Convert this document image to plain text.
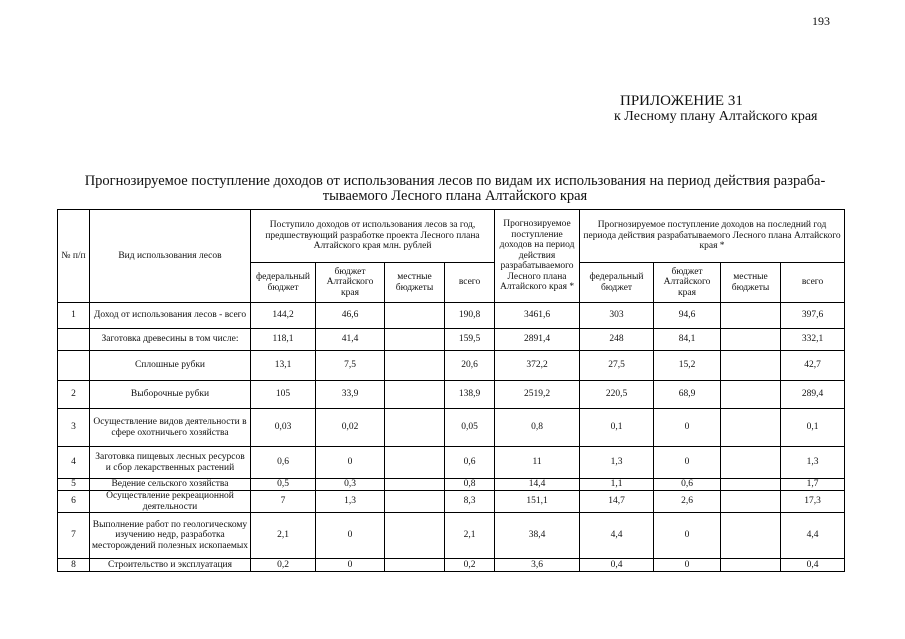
193
ПРИЛОЖЕНИЕ 31
к Лесному плану Алтайского края
Прогнозируемое поступление доходов от использования лесов по видам их использования на период действия разраба-
тываемого Лесного плана Алтайского края
№ п/п	Вид использования лесов	Поступило доходов от использования лесов за год, предшествующий разработке проекта Лесного плана Алтайского края млн. рублей				Прогнозируемое поступление доходов на период действия разрабатываемого Лесного плана Алтайского края *	Прогнозируемое поступление доходов на последний год периода действия разрабатываемого Лесного плана Алтайского края *			
		федеральный бюджет	бюджет Алтайского края	местные бюджеты	всего		федеральный бюджет	бюджет Алтайского края	местные бюджеты	всего
1	Доход от использования лесов - всего	144,2	46,6		190,8	3461,6	303	94,6		397,6
	Заготовка древесины в том числе:	118,1	41,4		159,5	2891,4	248	84,1		332,1
	Сплошные рубки	13,1	7,5		20,6	372,2	27,5	15,2		42,7
2	Выборочные рубки	105	33,9		138,9	2519,2	220,5	68,9		289,4
3	Осуществление видов деятельности в сфере охотничьего хозяйства	0,03	0,02		0,05	0,8	0,1	0		0,1
4	Заготовка пищевых лесных ресурсов и сбор лекарственных растений	0,6	0		0,6	11	1,3	0		1,3
5	Ведение сельского хозяйства	0,5	0,3		0,8	14,4	1,1	0,6		1,7
6	Осуществление рекреационной деятельности	7	1,3		8,3	151,1	14,7	2,6		17,3
7	Выполнение работ по геологическому изучению недр, разработка месторождений полезных ископаемых	2,1	0		2,1	38,4	4,4	0		4,4
8	Строительство и эксплуатация	0,2	0		0,2	3,6	0,4	0		0,4
